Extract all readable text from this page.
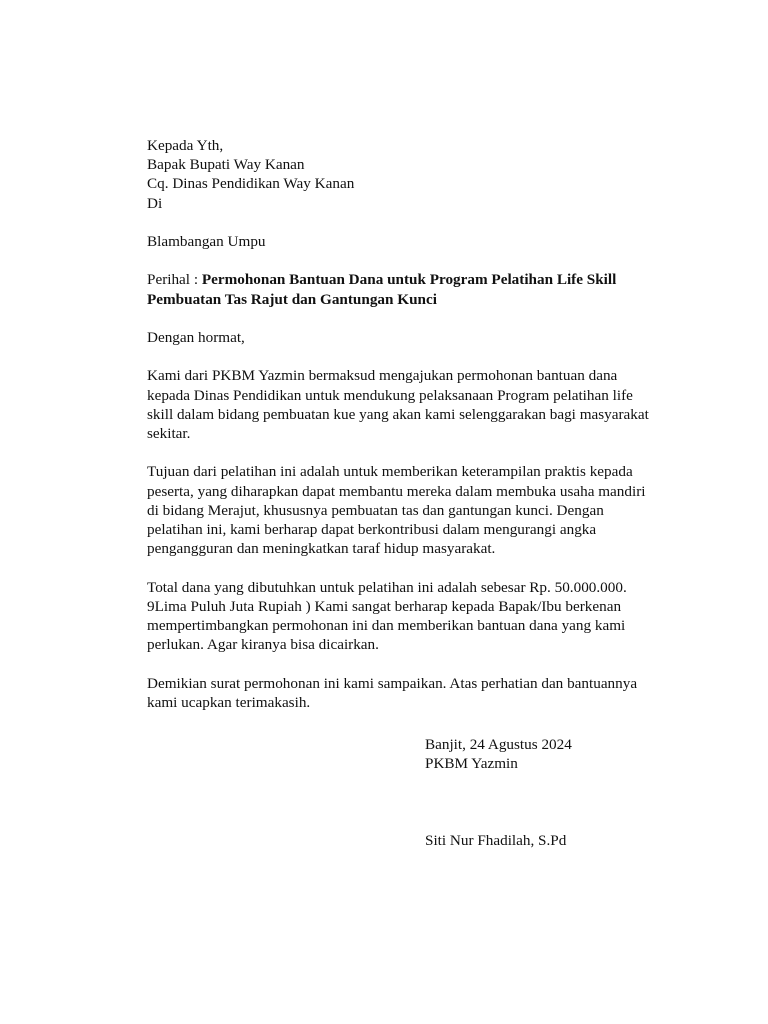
Kepada Yth,
Bapak Bupati Way Kanan
Cq. Dinas Pendidikan Way Kanan
Di
Blambangan Umpu
Perihal : Permohonan Bantuan Dana untuk Program Pelatihan Life Skill
Pembuatan Tas Rajut dan Gantungan Kunci
Dengan hormat,
Kami dari PKBM Yazmin bermaksud mengajukan permohonan bantuan dana
kepada Dinas Pendidikan untuk mendukung pelaksanaan Program pelatihan life
skill dalam bidang pembuatan kue yang akan kami selenggarakan bagi masyarakat
sekitar.
Tujuan dari pelatihan ini adalah untuk memberikan keterampilan praktis kepada
peserta, yang diharapkan dapat membantu mereka dalam membuka usaha mandiri
di bidang Merajut, khususnya pembuatan tas dan gantungan kunci. Dengan
pelatihan ini, kami berharap dapat berkontribusi dalam mengurangi angka
pengangguran dan meningkatkan taraf hidup masyarakat.
Total dana yang dibutuhkan untuk pelatihan ini adalah sebesar Rp. 50.000.000.
9Lima Puluh Juta Rupiah ) Kami sangat berharap kepada Bapak/Ibu berkenan
mempertimbangkan permohonan ini dan memberikan bantuan dana yang kami
perlukan. Agar kiranya bisa dicairkan.
Demikian surat permohonan ini kami sampaikan. Atas perhatian dan bantuannya
kami ucapkan terimakasih.
Banjit, 24 Agustus 2024
PKBM Yazmin
Siti Nur Fhadilah, S.Pd
